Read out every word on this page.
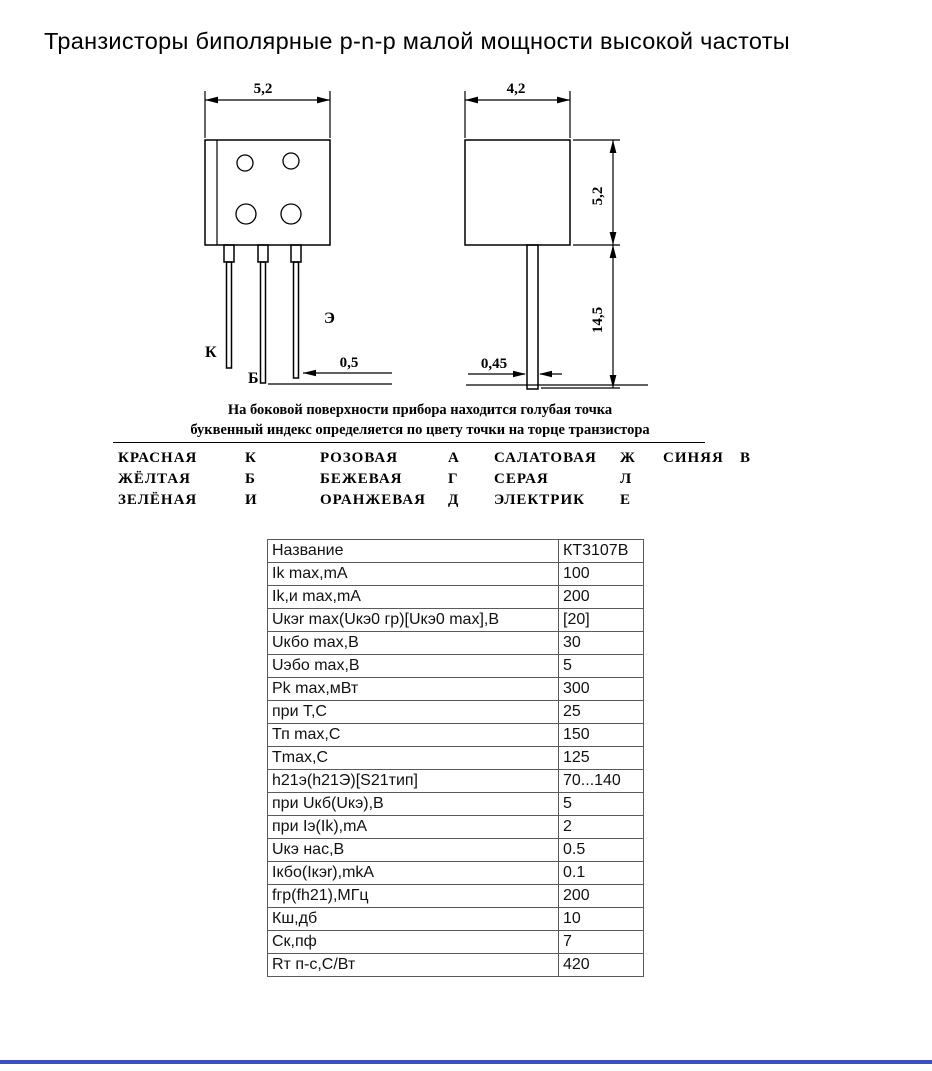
Транзисторы биполярные p-n-p малой мощности высокой частоты
5,2
К
Б
Э
0,5
4,2
5,2
14,5
0,45
На боковой поверхности прибора находится голубая точка
буквенный индекс определяется по цвету точки на торце транзистора
КРАСНАЯ	К	РОЗОВАЯ	А	САЛАТОВАЯ	Ж	СИНЯЯ	В
ЖЁЛТАЯ	Б	БЕЖЕВАЯ	Г	СЕРАЯ	Л
ЗЕЛЁНАЯ	И	ОРАНЖЕВАЯ	Д	ЭЛЕКТРИК	Е
Название	КТ3107В
Ik max,mA	100
Ik,и max,mA	200
Uкэr max(Uкэ0 гр)[Uкэ0 max],В	[20]
Uкбо max,В	30
Uэбо max,В	5
Pk max,мВт	300
при Т,С	25
Тп max,С	150
Tmax,С	125
h21э(h21Э)[S21тип]	70...140
при Uкб(Uкэ),В	5
при Iэ(Ik),mA	2
Uкэ нас,В	0.5
Iкбо(Iкэr),mkA	0.1
fгр(fh21),МГц	200
Кш,дб	10
Ск,пф	7
Rт п-с,С/Вт	420
